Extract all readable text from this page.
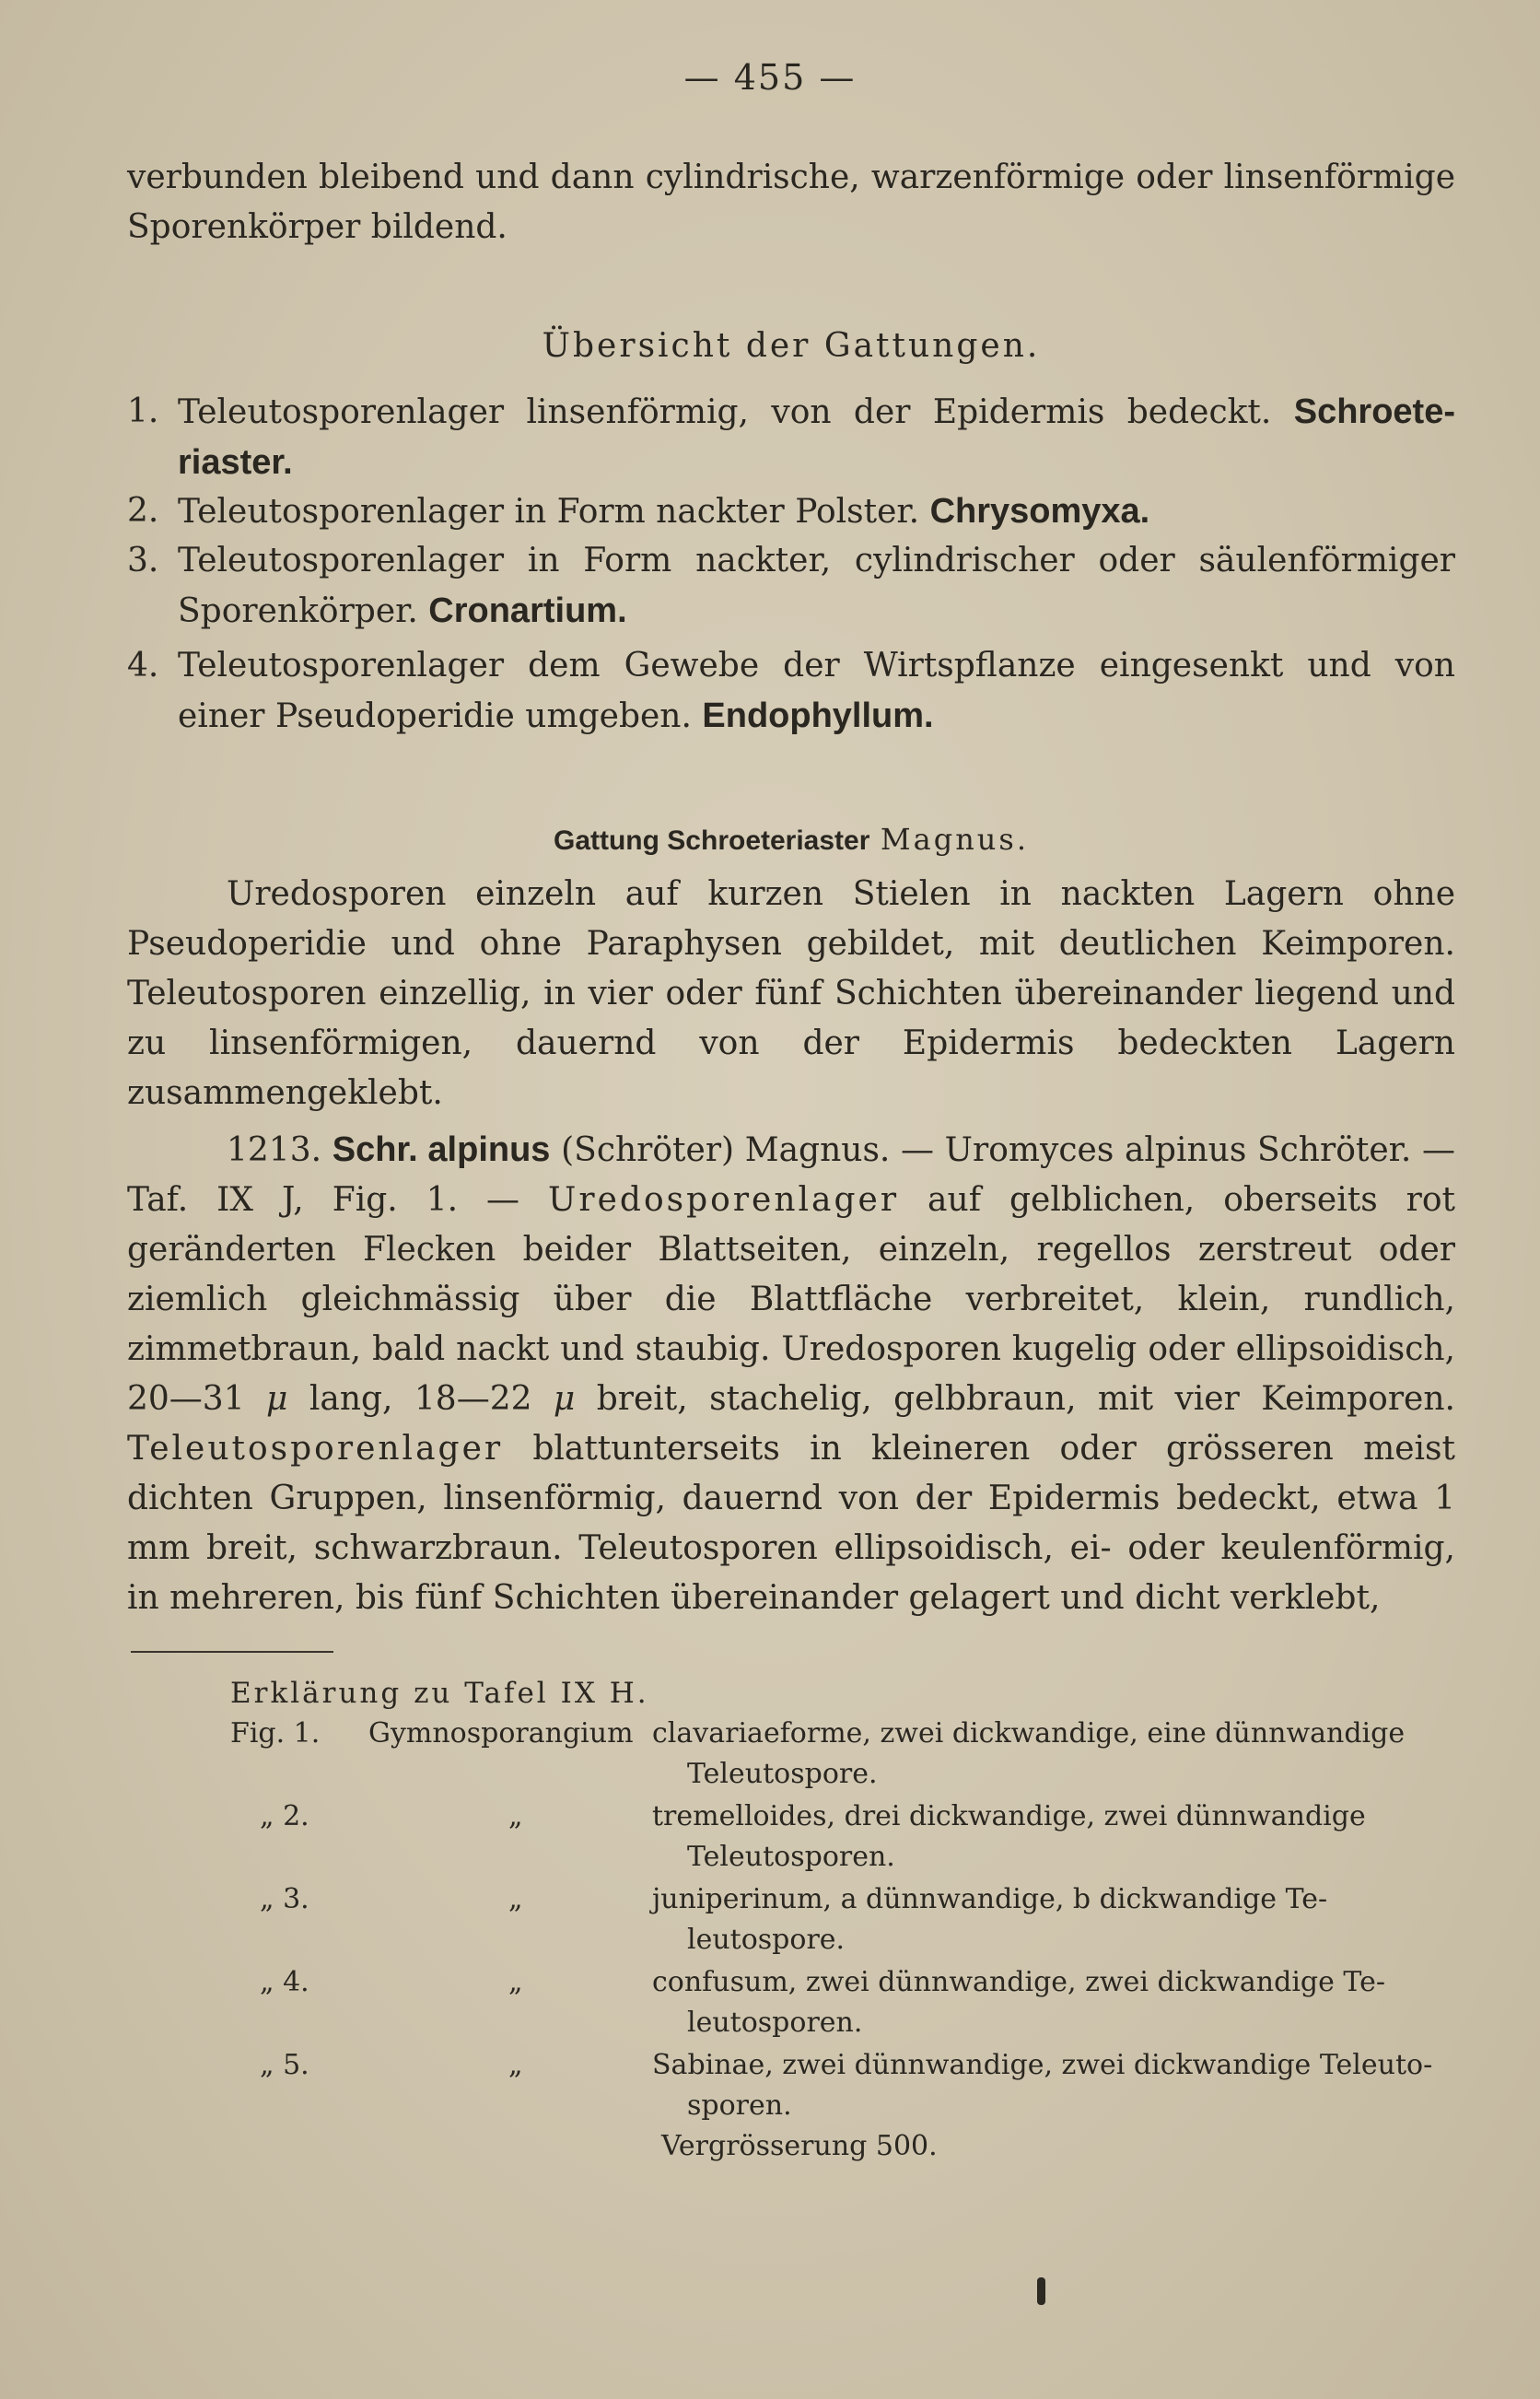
— 455 —
verbunden bleibend und dann cylindrische, warzenförmige oder linsenförmige
Sporenkörper bildend.
Übersicht der Gattungen.
1. Teleutosporenlager linsenförmig, von der Epidermis bedeckt. Schroete-riaster.
2. Teleutosporenlager in Form nackter Polster. Chrysomyxa.
3. Teleutosporenlager in Form nackter, cylindrischer oder säulenförmiger Sporenkörper. Cronartium.
4. Teleutosporenlager dem Gewebe der Wirtspflanze eingesenkt und von einer Pseudoperidie umgeben. Endophyllum.
Gattung Schroeteriaster Magnus.
Uredosporen einzeln auf kurzen Stielen in nackten Lagern ohne Pseudoperidie und ohne Paraphysen gebildet, mit deutlichen Keimporen. Teleutosporen einzellig, in vier oder fünf Schichten übereinander liegend und zu linsenförmigen, dauernd von der Epidermis bedeckten Lagern zusammengeklebt.
1213. Schr. alpinus (Schröter) Magnus. — Uromyces alpinus Schröter. — Taf. IX J, Fig. 1. — Uredosporenlager auf gelblichen, oberseits rot geränderten Flecken beider Blattseiten, einzeln, regellos zerstreut oder ziemlich gleichmässig über die Blattfläche verbreitet, klein, rundlich, zimmetbraun, bald nackt und staubig. Uredosporen kugelig oder ellipsoidisch, 20—31 μ lang, 18—22 μ breit, stachelig, gelbbraun, mit vier Keimporen. Teleutosporenlager blattunterseits in kleineren oder grösseren meist dichten Gruppen, linsenförmig, dauernd von der Epidermis bedeckt, etwa 1 mm breit, schwarzbraun. Teleutosporen ellipsoidisch, ei- oder keulenförmig, in mehreren, bis fünf Schichten übereinander gelagert und dicht verklebt,
Erklärung zu Tafel IX H.
Fig. 1. Gymnosporangium clavariaeforme, zwei dickwandige, eine dünnwandige
Teleutospore.
„ 2.	„	tremelloides, drei dickwandige, zwei dünnwandige
Teleutosporen.
„ 3.	„	juniperinum, a dünnwandige, b dickwandige Te-
leutospore.
„ 4.	„	confusum, zwei dünnwandige, zwei dickwandige Te-
leutosporen.
„ 5.	„	Sabinae, zwei dünnwandige, zwei dickwandige Teleuto-
sporen.
Vergrösserung 500.
